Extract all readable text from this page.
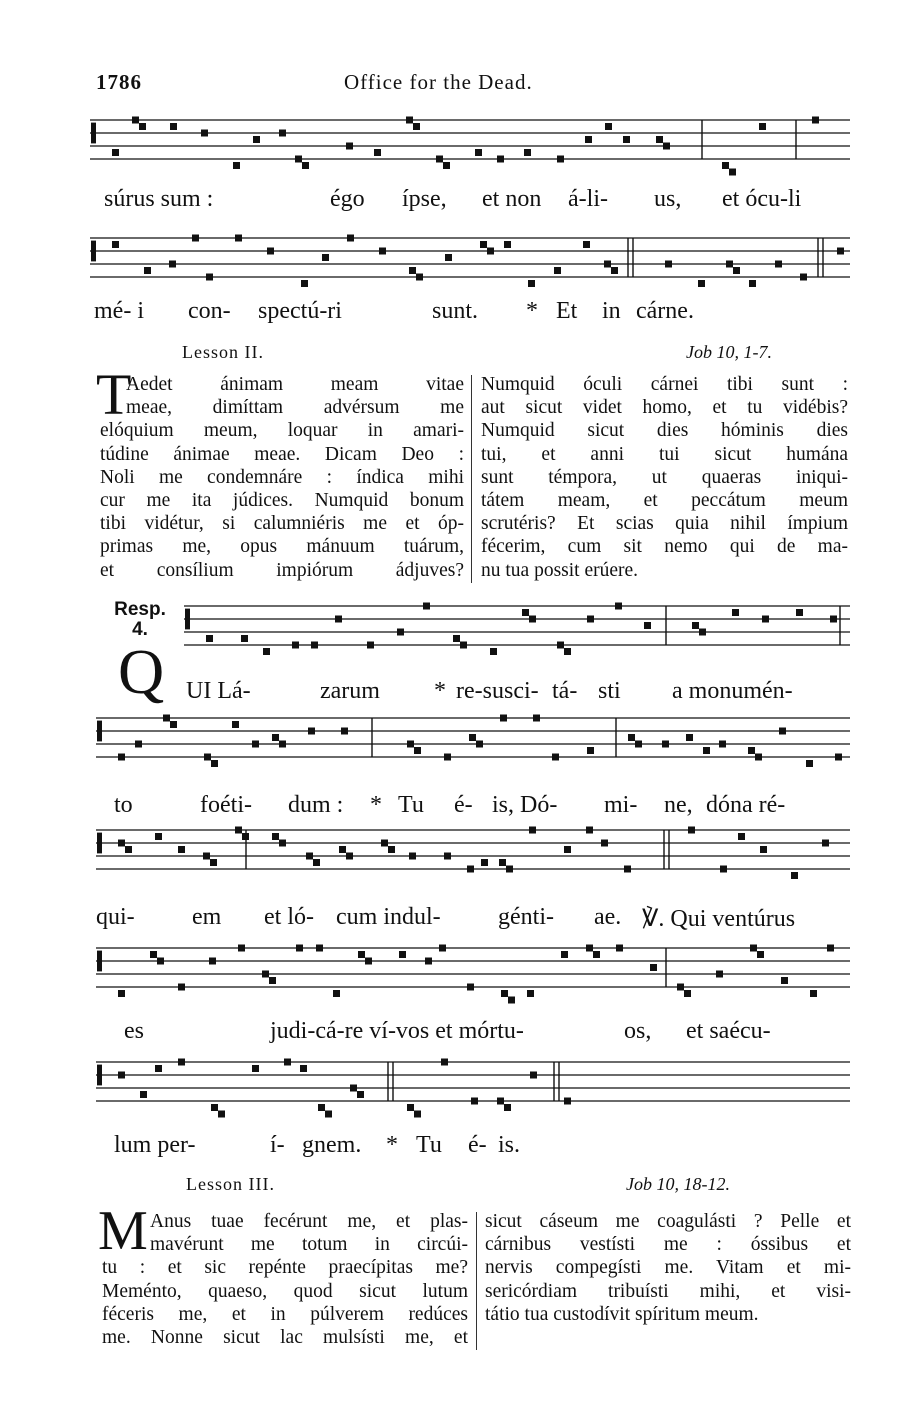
1786	Office for the Dead.
súrus sum :	égo ípse, et non á-li- us, et ócu-li
mé- i con- spectú-ri	sunt. * Et in cárne.
Lesson II.	Job 10, 1-7.
T
Aedet ánimam meam vitae
meae, dimíttam advérsum me
elóquium meum, loquar in amari-
túdine ánimae meae. Dicam Deo :
Noli me condemnáre : índica mihi
cur me ita júdices. Numquid bonum
tibi vidétur, si calumniéris me et óp-
primas me, opus mánuum tuárum,
et consílium impiórum ádjuves?
Numquid óculi cárnei tibi sunt :
aut sicut videt homo, et tu vidébis?
Numquid sicut dies hóminis dies
tui, et anni tui sicut humána
sunt témpora, ut quaeras iniqui-
tátem meam, et peccátum meum
scrutéris? Et scias quia nihil ímpium
fécerim, cum sit nemo qui de ma-
nu tua possit erúere.
Resp.
4.
Q UI Lá-	zarum * re-susci- tá- sti a monumén-
to	foéti- dum : * Tu é- is, Dó- mi- ne, dóna ré-
qui- em et ló- cum indul- génti- ae. ℣. Qui ventúrus
es	judi-cá-re ví-vos et mórtu-	os, et saécu-
lum per-	í- gnem. * Tu é- is.
Lesson III.	Job 10, 18-12.
M Anus tuae fecérunt me, et plas-
mavérunt me totum in circúi-
tu : et sic repénte praecípitas me?
Meménto, quaeso, quod sicut lutum
féceris me, et in púlverem redúces
me. Nonne sicut lac mulsísti me, et
sicut cáseum me coagulásti ? Pelle et
cárnibus vestísti me : óssibus et
nervis compegísti me. Vitam et mi-
sericórdiam tribuísti mihi, et visi-
tátio tua custodívit spíritum meum.
